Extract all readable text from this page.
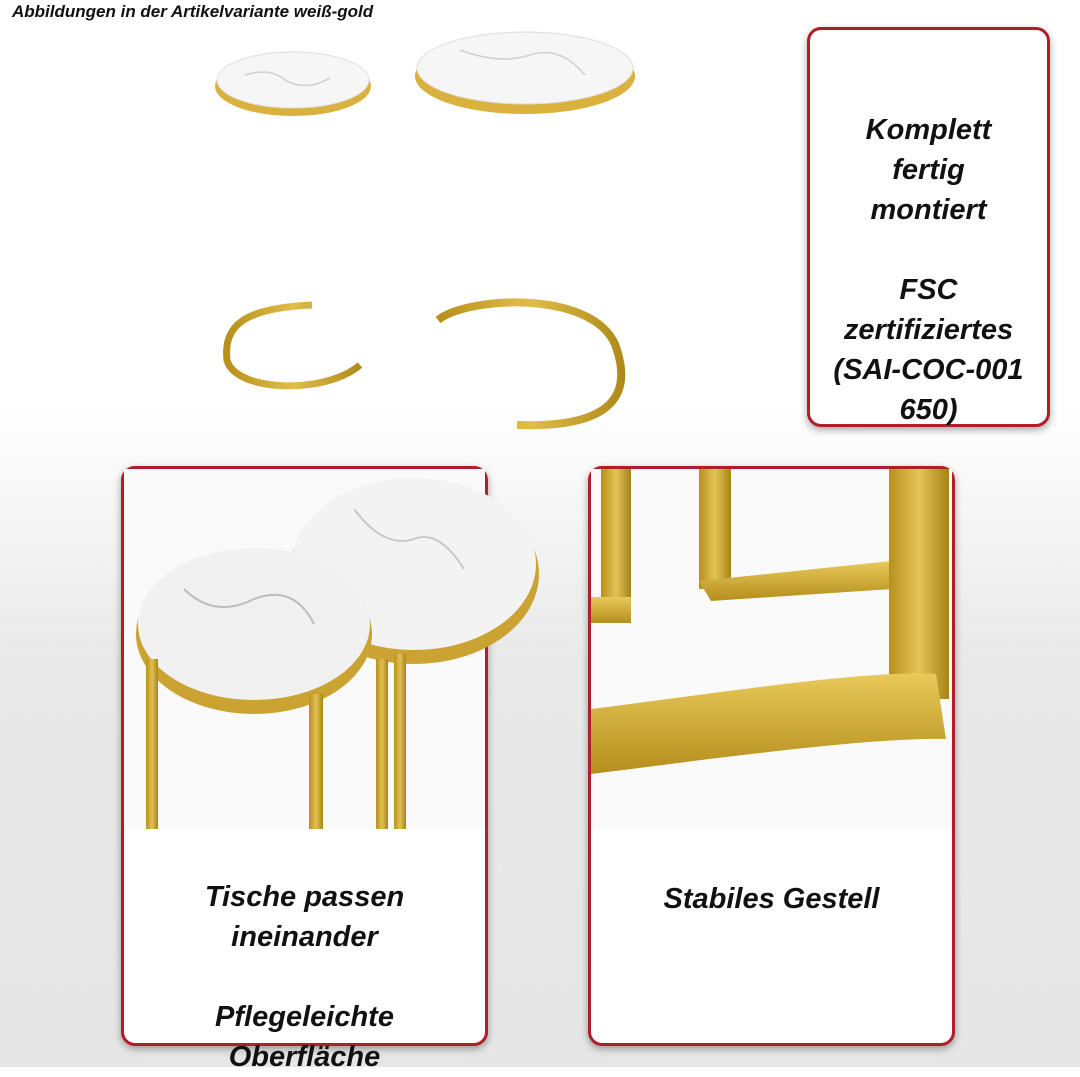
Abbildungen in der Artikelvariante weiß-gold

Komplett
fertig
montiert

FSC
zertifiziertes
(SAI-COC-001
650)

Tische passen
ineinander

Pflegeleichte
Oberfläche

Stabiles Gestell
